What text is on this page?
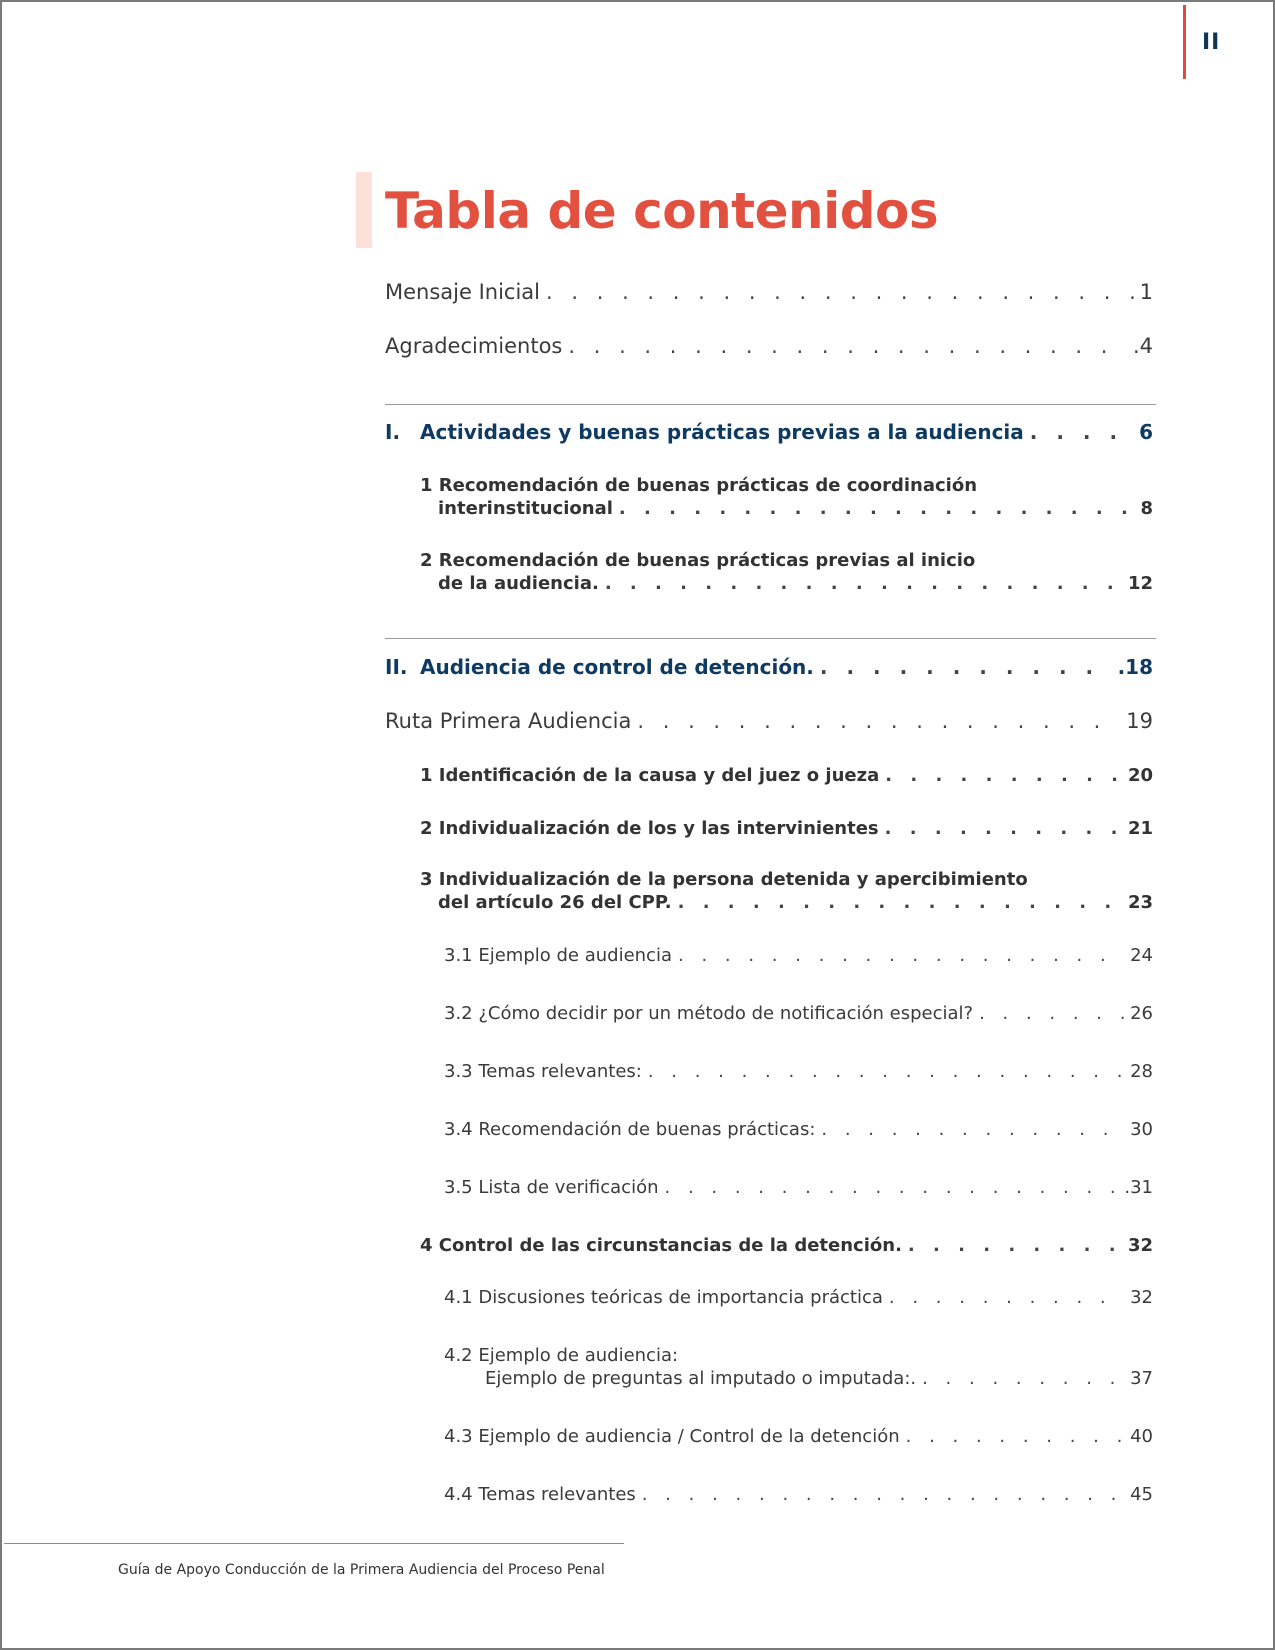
II
Tabla de contenidos
Mensaje Inicial . . .	1
Agradecimientos . . .	.4
I. Actividades y buenas prácticas previas a la audiencia . . .	6
1 Recomendación de buenas prácticas de coordinación
interinstitucional . . .	8
2 Recomendación de buenas prácticas previas al inicio
de la audiencia. . . .	12
II. Audiencia de control de detención. . . .	.18
Ruta Primera Audiencia . . .	19
1 Identificación de la causa y del juez o jueza . . .	20
2 Individualización de los y las intervinientes . . .	21
3 Individualización de la persona detenida y apercibimiento
del artículo 26 del CPP. . . .	23
3.1 Ejemplo de audiencia . . .	24
3.2 ¿Cómo decidir por un método de notificación especial? . . .	26
3.3 Temas relevantes: . . .	28
3.4 Recomendación de buenas prácticas: . . .	30
3.5 Lista de verificación . . .	.31
4 Control de las circunstancias de la detención. . . .	32
4.1 Discusiones teóricas de importancia práctica . . .	32
4.2 Ejemplo de audiencia:
Ejemplo de preguntas al imputado o imputada:. . . .	37
4.3 Ejemplo de audiencia / Control de la detención . . .	40
4.4 Temas relevantes . . .	45
Guía de Apoyo Conducción de la Primera Audiencia del Proceso Penal
